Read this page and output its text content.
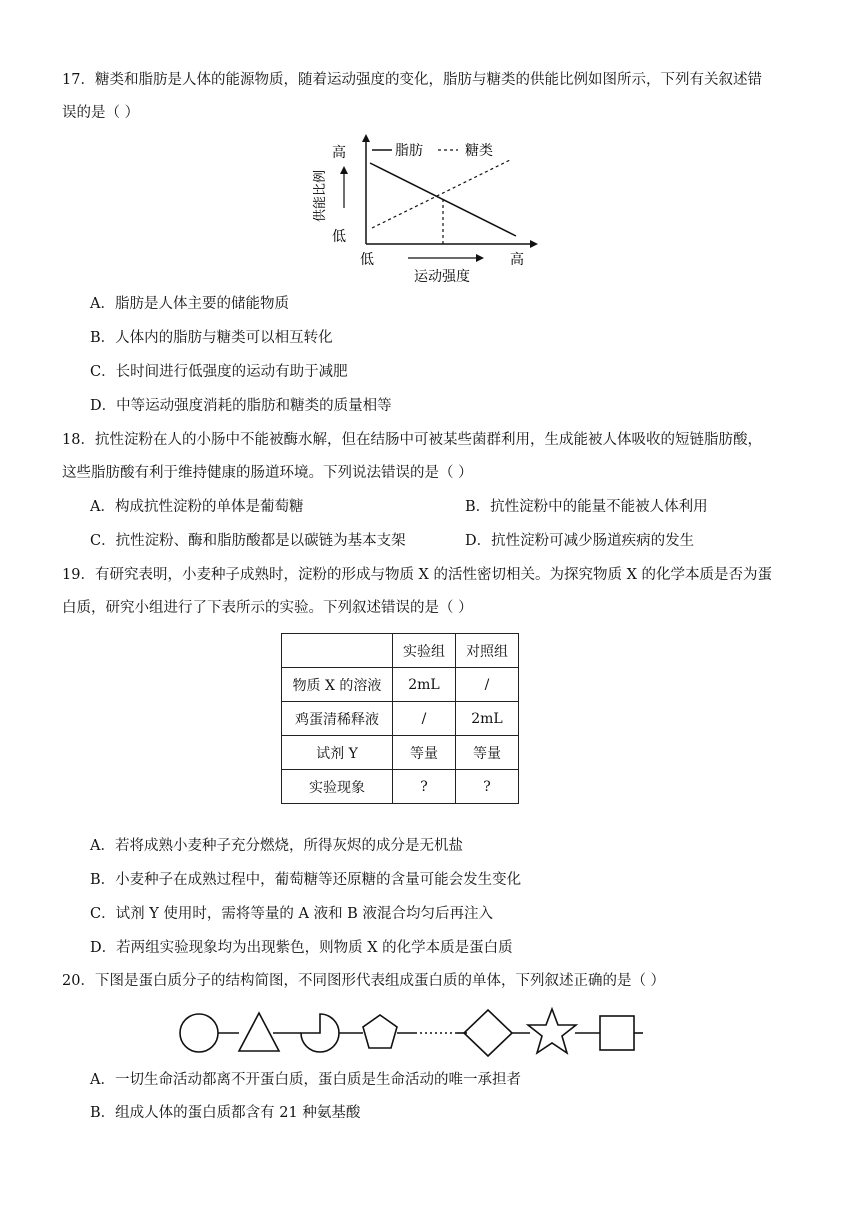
17．糖类和脂肪是人体的能源物质，随着运动强度的变化，脂肪与糖类的供能比例如图所示，下列有关叙述错
误的是（ ）
脂肪	糖类
高
低
供能比例
低	高
运动强度
A．脂肪是人体主要的储能物质
B．人体内的脂肪与糖类可以相互转化
C．长时间进行低强度的运动有助于减肥
D．中等运动强度消耗的脂肪和糖类的质量相等
18．抗性淀粉在人的小肠中不能被酶水解，但在结肠中可被某些菌群利用，生成能被人体吸收的短链脂肪酸，
这些脂肪酸有利于维持健康的肠道环境。下列说法错误的是（ ）
A．构成抗性淀粉的单体是葡萄糖	B．抗性淀粉中的能量不能被人体利用
C．抗性淀粉、酶和脂肪酸都是以碳链为基本支架	D．抗性淀粉可减少肠道疾病的发生
19．有研究表明，小麦种子成熟时，淀粉的形成与物质 X 的活性密切相关。为探究物质 X 的化学本质是否为蛋
白质，研究小组进行了下表所示的实验。下列叙述错误的是（ ）
	实验组	对照组
物质 X 的溶液	2mL	/
鸡蛋清稀释液	/	2mL
试剂 Y	等量	等量
实验现象	?	?
A．若将成熟小麦种子充分燃烧，所得灰烬的成分是无机盐
B．小麦种子在成熟过程中，葡萄糖等还原糖的含量可能会发生变化
C．试剂 Y 使用时，需将等量的 A 液和 B 液混合均匀后再注入
D．若两组实验现象均为出现紫色，则物质 X 的化学本质是蛋白质
20．下图是蛋白质分子的结构简图，不同图形代表组成蛋白质的单体，下列叙述正确的是（ ）
A．一切生命活动都离不开蛋白质，蛋白质是生命活动的唯一承担者
B．组成人体的蛋白质都含有 21 种氨基酸
